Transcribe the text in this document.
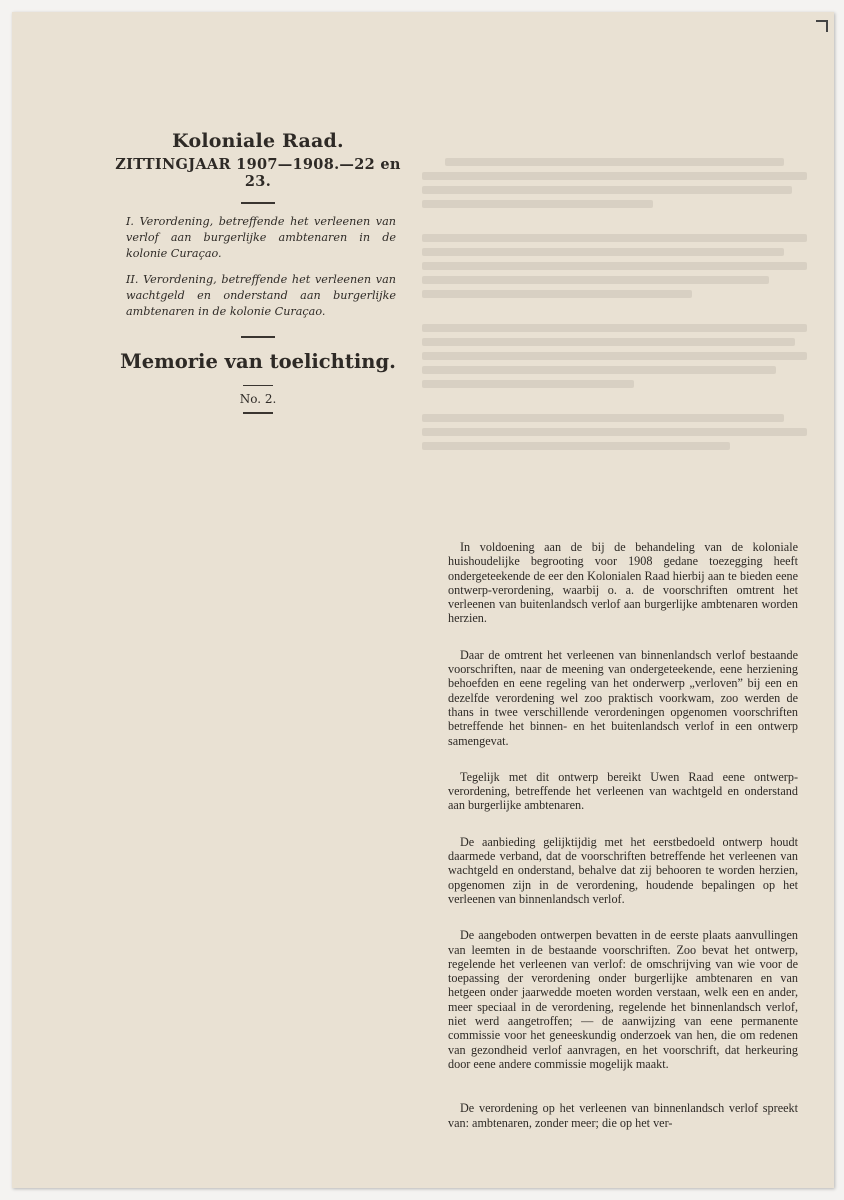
Koloniale Raad.

ZITTINGJAAR 1907—1908.—22 en 23.

I. Verordening, betreffende het verleenen van verlof aan burgerlijke ambtenaren in de kolonie Curaçao.

II. Verordening, betreffende het verleenen van wachtgeld en onderstand aan burgerlijke ambtenaren in de kolonie Curaçao.

Memorie van toelichting.

No. 2.

In voldoening aan de bij de behandeling van de koloniale huishoudelijke begrooting voor 1908 gedane toezegging heeft ondergeteekende de eer den Kolonialen Raad hierbij aan te bieden eene ontwerp-verordening, waarbij o. a. de voorschriften omtrent het verleenen van buitenlandsch verlof aan burgerlijke ambtenaren worden herzien.

Daar de omtrent het verleenen van binnenlandsch verlof bestaande voorschriften, naar de meening van ondergeteekende, eene herziening behoefden en eene regeling van het onderwerp „verloven” bij een en dezelfde verordening wel zoo praktisch voorkwam, zoo werden de thans in twee verschillende verordeningen opgenomen voorschriften betreffende het binnen- en het buitenlandsch verlof in een ontwerp samengevat.

Tegelijk met dit ontwerp bereikt Uwen Raad eene ontwerp-verordening, betreffende het verleenen van wachtgeld en onderstand aan burgerlijke ambtenaren.

De aanbieding gelijktijdig met het eerstbedoeld ontwerp houdt daarmede verband, dat de voorschriften betreffende het verleenen van wachtgeld en onderstand, behalve dat zij behooren te worden herzien, opgenomen zijn in de verordening, houdende bepalingen op het verleenen van binnenlandsch verlof.

De aangeboden ontwerpen bevatten in de eerste plaats aanvullingen van leemten in de bestaande voorschriften. Zoo bevat het ontwerp, regelende het verleenen van verlof: de omschrijving van wie voor de toepassing der verordening onder burgerlijke ambtenaren en van hetgeen onder jaarwedde moeten worden verstaan, welk een en ander, meer speciaal in de verordening, regelende het binnenlandsch verlof, niet werd aangetroffen; — de aanwijzing van eene permanente commissie voor het geneeskundig onderzoek van hen, die om redenen van gezondheid verlof aanvragen, en het voorschrift, dat herkeuring door eene andere commissie mogelijk maakt.

De verordening op het verleenen van binnenlandsch verlof spreekt van: ambtenaren, zonder meer; die op het ver-
